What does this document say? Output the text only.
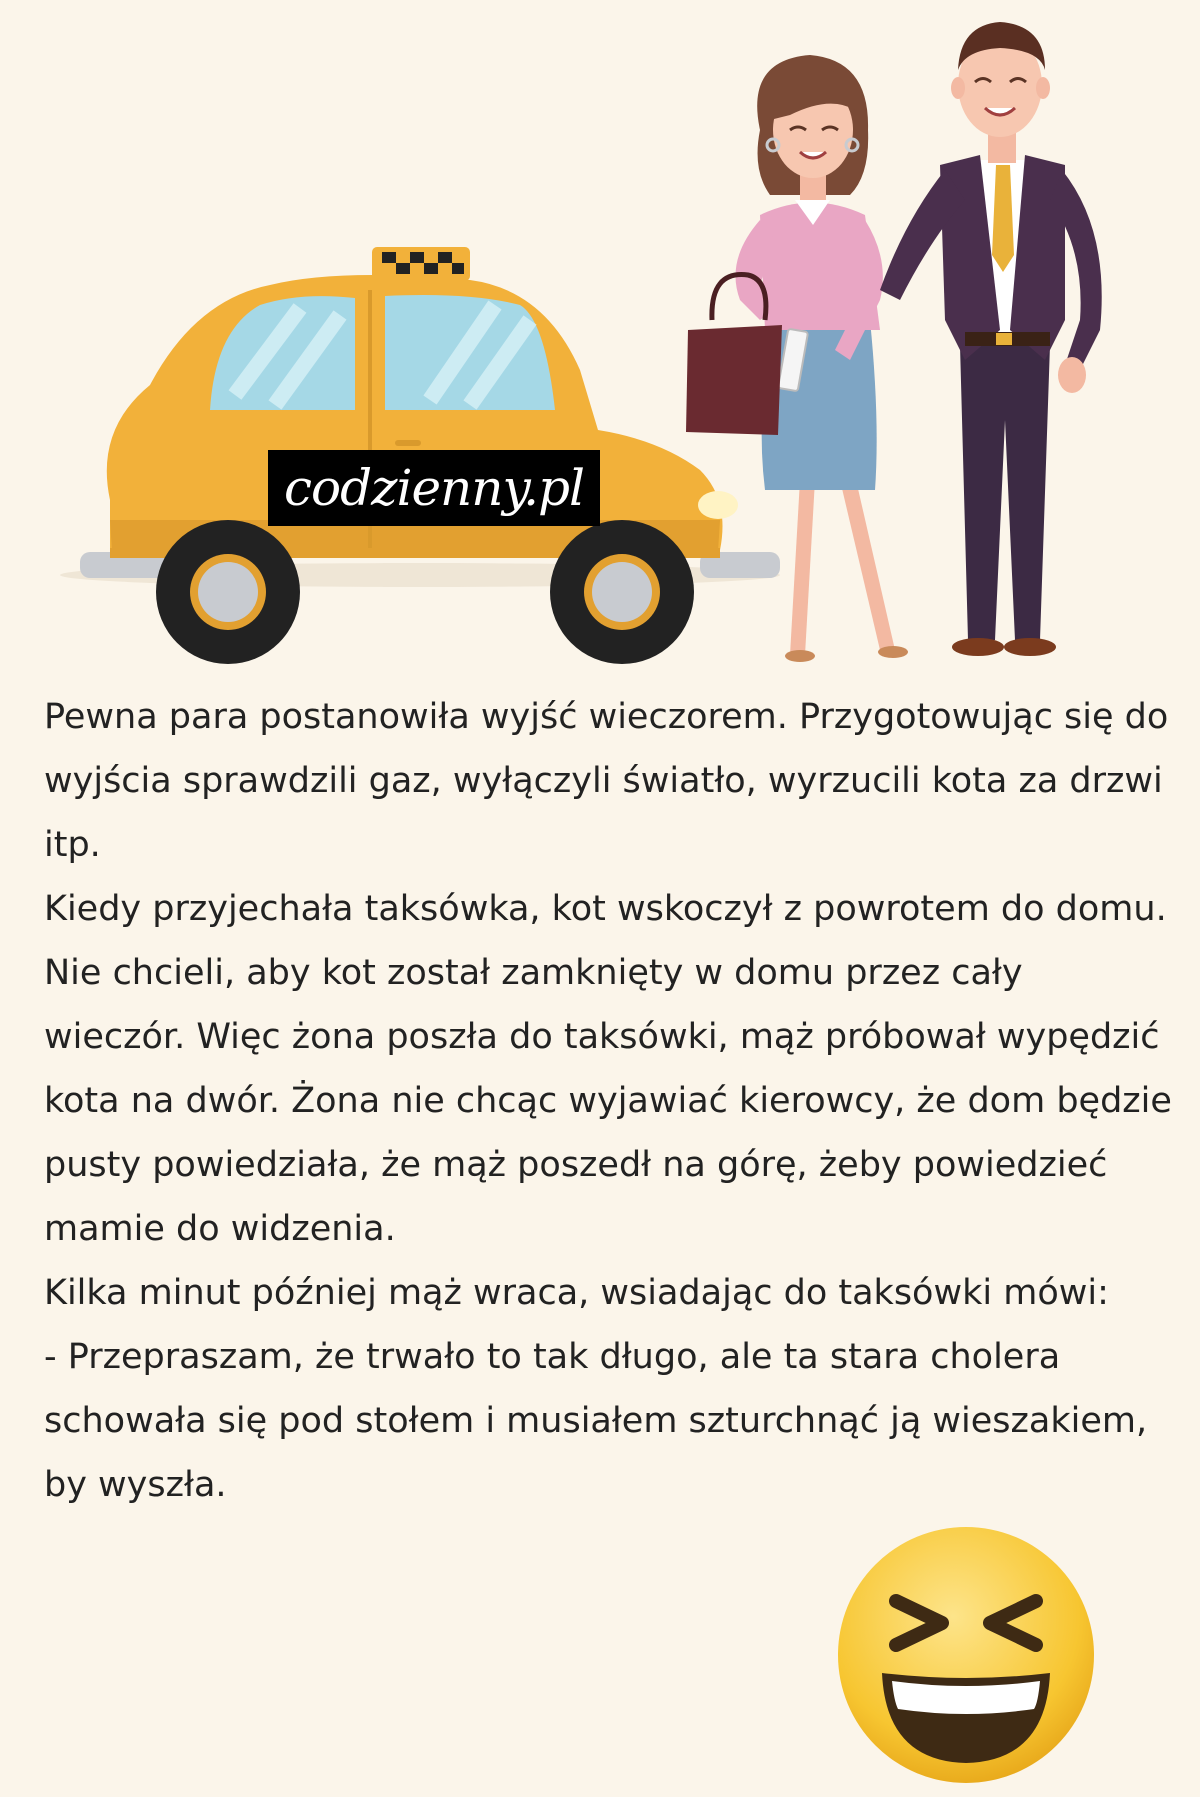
codzienny.pl

Pewna para postanowiła wyjść wieczorem. Przygotowując się do wyjścia sprawdzili gaz, wyłączyli światło, wyrzucili kota za drzwi itp.

Kiedy przyjechała taksówka, kot wskoczył z powrotem do domu. Nie chcieli, aby kot został zamknięty w domu przez cały wieczór. Więc żona poszła do taksówki, mąż próbował wypędzić kota na dwór. Żona nie chcąc wyjawiać kierowcy, że dom będzie pusty powiedziała, że mąż poszedł na górę, żeby powiedzieć mamie do widzenia.

Kilka minut później mąż wraca, wsiadając do taksówki mówi:

- Przepraszam, że trwało to tak długo, ale ta stara cholera schowała się pod stołem i musiałem szturchnąć ją wieszakiem, by wyszła.
